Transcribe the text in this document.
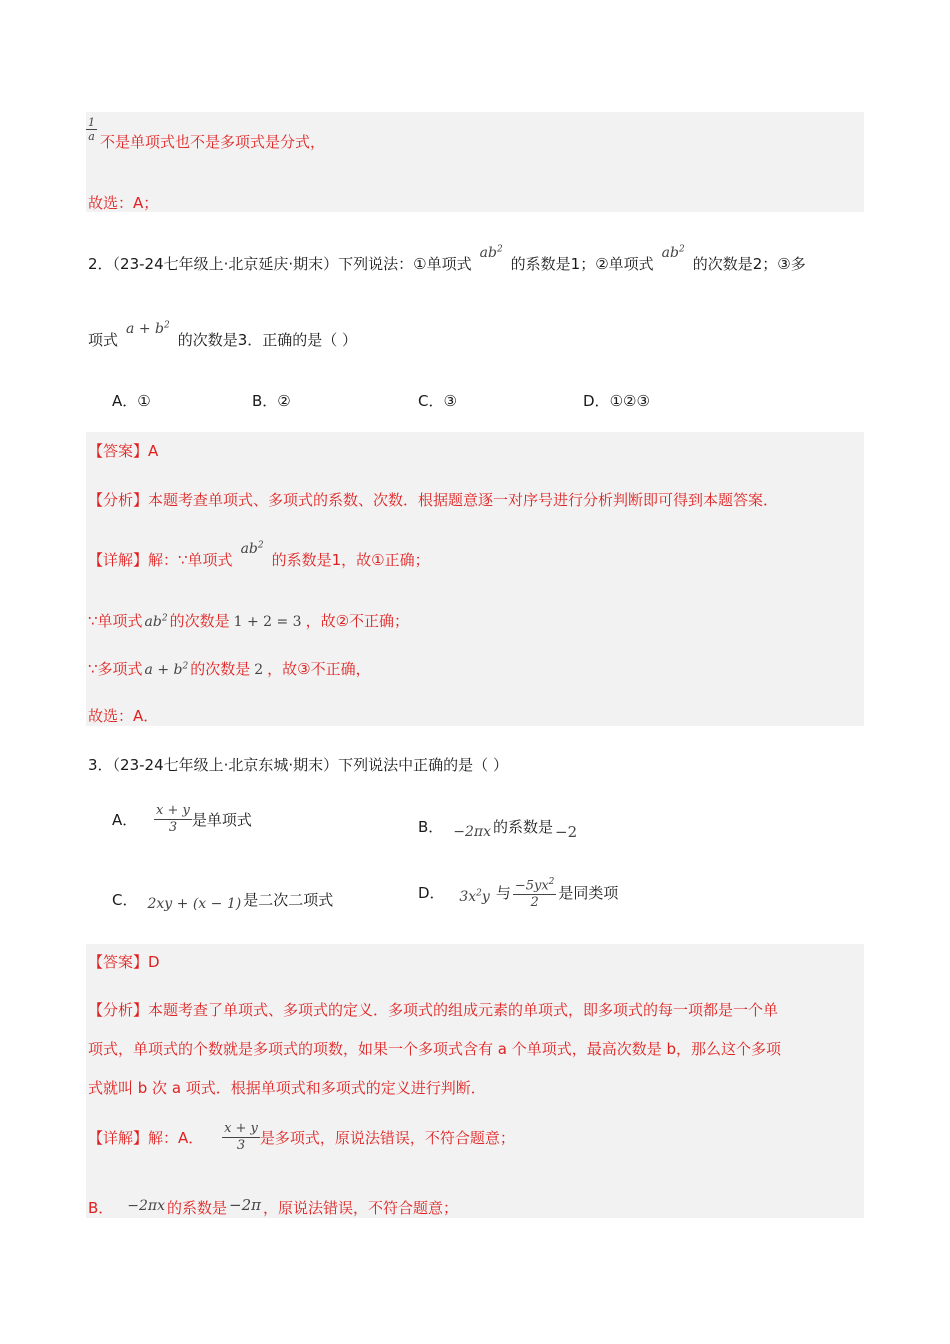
$\frac{1}{a}$ 不是单项式也不是多项式是分式，
故选：A；
2．（23-24七年级上·北京延庆·期末）下列说法：①单项式$ab^2$的系数是1；②单项式$ab^2$的次数是2；③多
项式$a + b^2$的次数是3．正确的是（ ）
A．①	B．②	C．③	D．①②③
【答案】A
【分析】本题考查单项式、多项式的系数、次数．根据题意逐一对序号进行分析判断即可得到本题答案．
【详解】解：∵单项式$ab^2$的系数是1，故①正确；
∵单项式 $ab^2$ 的次数是 1 + 2 = 3 ，故②不正确；
∵多项式 $a + b^2$ 的次数是 2 ，故③不正确，
故选：A．
3．（23-24七年级上·北京东城·期末）下列说法中正确的是（ ）
A． $\frac{x + y}{3}$ 是单项式	B． −2πx 的系数是 −2
C． 2xy + (x − 1) 是二次二项式	D． $3x^2y$ 与 $\frac{-5yx^2}{2}$ 是同类项
【答案】D
【分析】本题考查了单项式、多项式的定义．多项式的组成元素的单项式，即多项式的每一项都是一个单
项式，单项式的个数就是多项式的项数，如果一个多项式含有 a 个单项式，最高次数是 b，那么这个多项
式就叫 b 次 a 项式．根据单项式和多项式的定义进行判断．
【详解】解：A． $\frac{x + y}{3}$ 是多项式，原说法错误，不符合题意；
B． −2πx 的系数是 −2π ，原说法错误，不符合题意；
